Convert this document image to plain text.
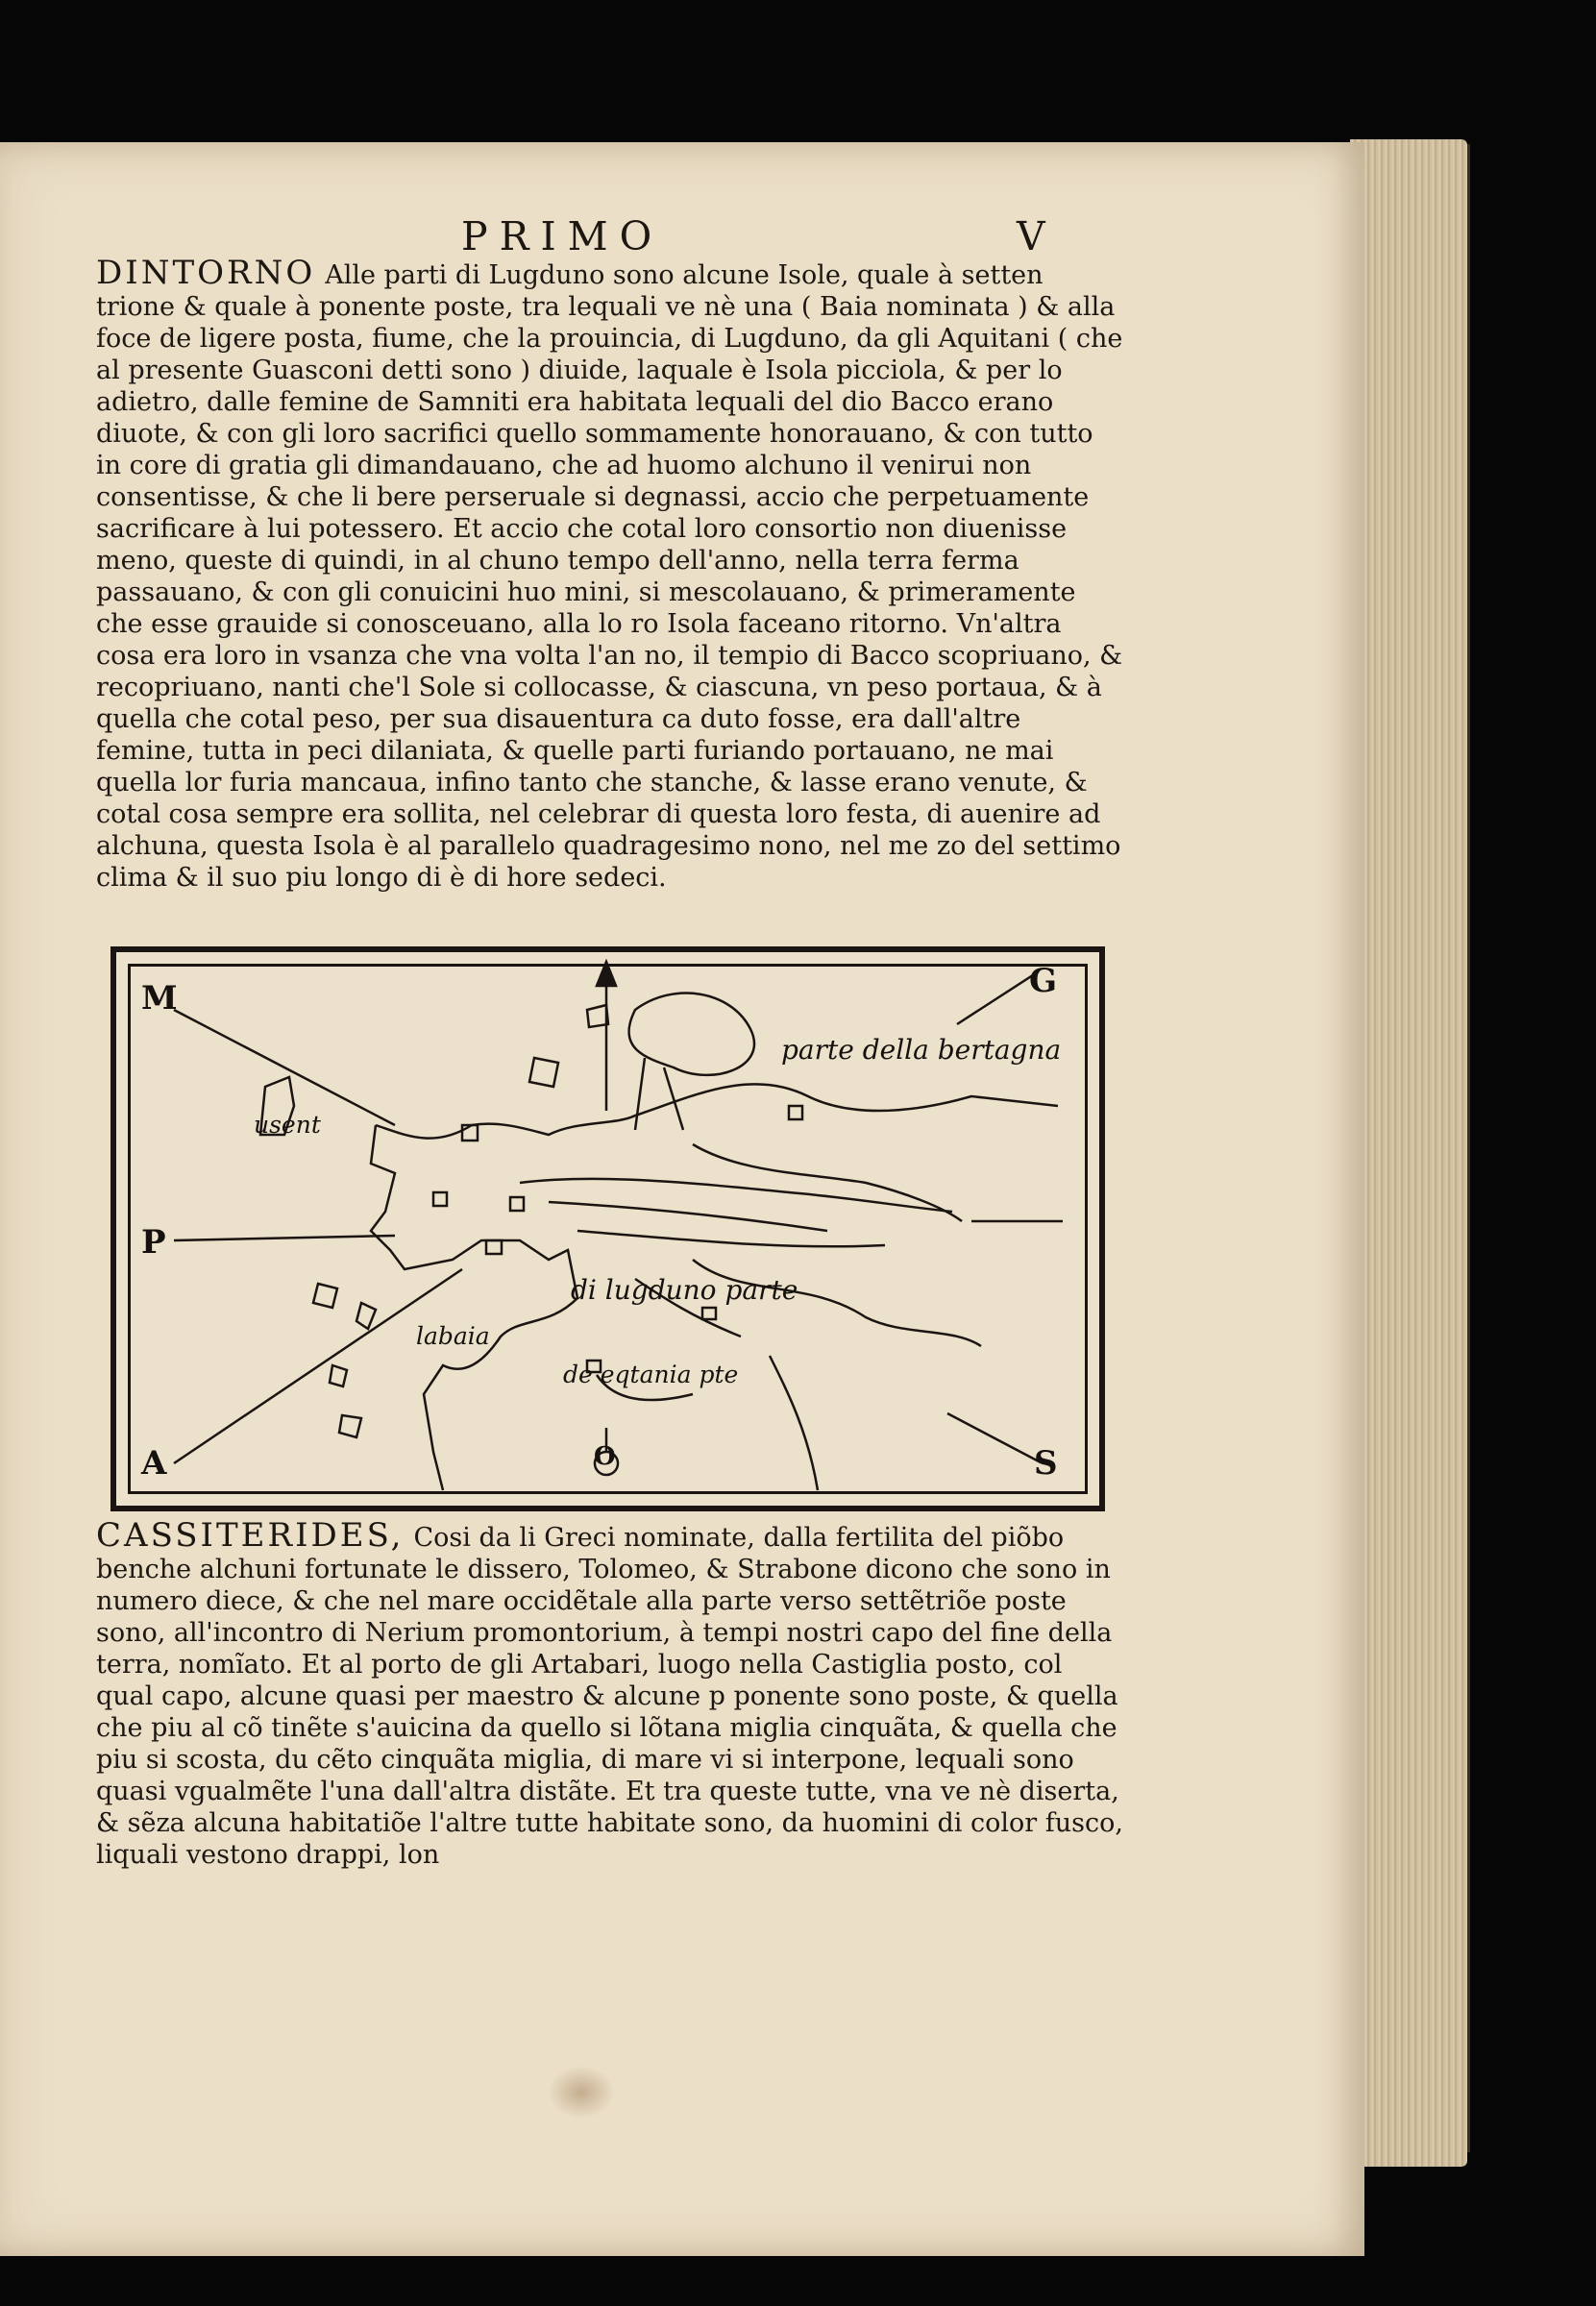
PRIMO	V

DINTORNO Alle parti di Lugduno sono alcune Isole, quale à setten trione & quale à ponente poste, tra lequali ve nè una ( Baia nominata ) & alla foce de ligere posta, fiume, che la prouincia, di Lugduno, da gli Aquitani ( che al presente Guasconi detti sono ) diuide, laquale è Isola picciola, & per lo adietro, dalle femine de Samniti era habitata lequali del dio Bacco erano diuote, & con gli loro sacrifici quello sommamente honorauano, & con tutto in core di gratia gli dimandauano, che ad huomo alchuno il venirui non consentisse, & che li bere perseruale si degnassi, accio che perpetuamente sacrificare à lui potessero. Et accio che cotal loro consortio non diuenisse meno, queste di quindi, in al chuno tempo dell'anno, nella terra ferma passauano, & con gli conuicini huo mini, si mescolauano, & primeramente che esse grauide si conosceuano, alla lo ro Isola faceano ritorno. Vn'altra cosa era loro in vsanza che vna volta l'an no, il tempio di Bacco scopriuano, & recopriuano, nanti che'l Sole si collocasse, & ciascuna, vn peso portaua, & à quella che cotal peso, per sua disauentura ca duto fosse, era dall'altre femine, tutta in peci dilaniata, & quelle parti furiando portauano, ne mai quella lor furia mancaua, infino tanto che stanche, & lasse erano venute, & cotal cosa sempre era sollita, nel celebrar di questa loro festa, di auenire ad alchuna, questa Isola è al parallelo quadragesimo nono, nel me zo del settimo clima & il suo piu longo di è di hore sedeci.

M	G
P
A	O	S
usent
parte della bertagna
di lugduno parte
labaia
de eqtania pte

CASSITERIDES, Cosi da li Greci nominate, dalla fertilita del piõbo benche alchuni fortunate le dissero, Tolomeo, & Strabone dicono che sono in numero diece, & che nel mare occidẽtale alla parte verso settẽtriõe poste sono, all'incontro di Nerium promontorium, à tempi nostri capo del fine della terra, nomĩato. Et al porto de gli Artabari, luogo nella Castiglia posto, col qual capo, alcune quasi per maestro & alcune p ponente sono poste, & quella che piu al cõ tinẽte s'auicina da quello si lõtana miglia cinquãta, & quella che piu si scosta, du cẽto cinquãta miglia, di mare vi si interpone, lequali sono quasi vgualmẽte l'una dall'altra distãte. Et tra queste tutte, vna ve nè diserta, & sẽza alcuna habitatiõe l'altre tutte habitate sono, da huomini di color fusco, liquali vestono drappi, lon
